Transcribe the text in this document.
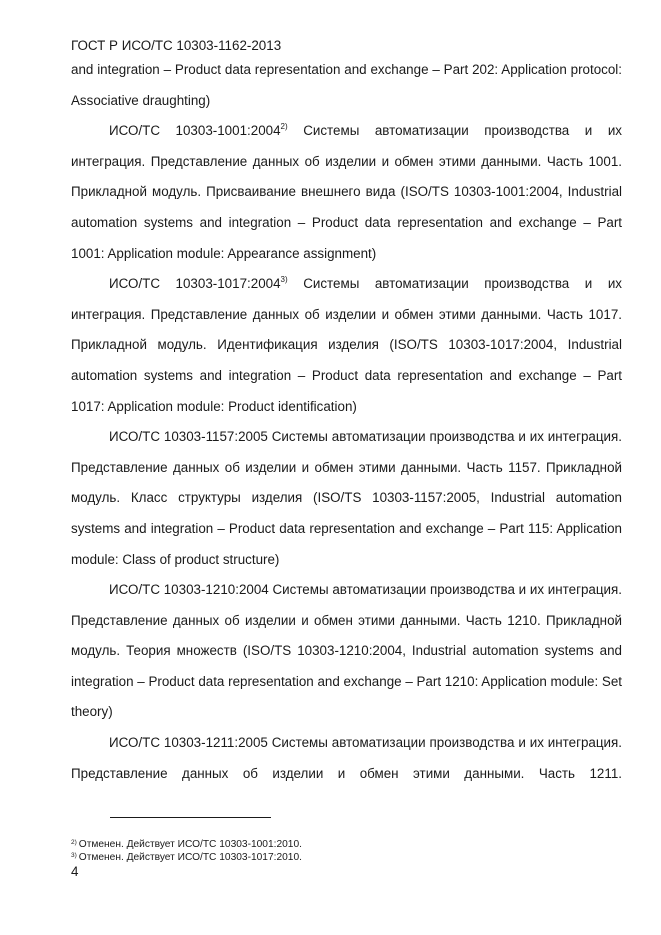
ГОСТ Р ИСО/ТС 10303-1162-2013

and integration – Product data representation and exchange – Part 202: Application protocol: Associative draughting)

ИСО/ТС 10303-1001:2004$^{2)}$ Системы автоматизации производства и их интеграция. Представление данных об изделии и обмен этими данными. Часть 1001. Прикладной модуль. Присваивание внешнего вида (ISO/TS 10303-1001:2004, Industrial automation systems and integration – Product data representation and exchange – Part 1001: Application module: Appearance assignment)

ИСО/ТС 10303-1017:2004$^{3)}$ Системы автоматизации производства и их интеграция. Представление данных об изделии и обмен этими данными. Часть 1017. Прикладной модуль. Идентификация изделия (ISO/TS 10303-1017:2004, Industrial automation systems and integration – Product data representation and exchange – Part 1017: Application module: Product identification)

ИСО/ТС 10303-1157:2005 Системы автоматизации производства и их интеграция. Представление данных об изделии и обмен этими данными. Часть 1157. Прикладной модуль. Класс структуры изделия (ISO/TS 10303-1157:2005, Industrial automation systems and integration – Product data representation and exchange – Part 115: Application module: Class of product structure)

ИСО/ТС 10303-1210:2004 Системы автоматизации производства и их интеграция. Представление данных об изделии и обмен этими данными. Часть 1210. Прикладной модуль. Теория множеств (ISO/TS 10303-1210:2004, Industrial automation systems and integration – Product data representation and exchange – Part 1210: Application module: Set theory)

ИСО/ТС 10303-1211:2005 Системы автоматизации производства и их интеграция. Представление данных об изделии и обмен этими данными. Часть 1211.

$^{2)}$ Отменен. Действует ИСО/ТС 10303-1001:2010.
$^{3)}$ Отменен. Действует ИСО/ТС 10303-1017:2010.
4
